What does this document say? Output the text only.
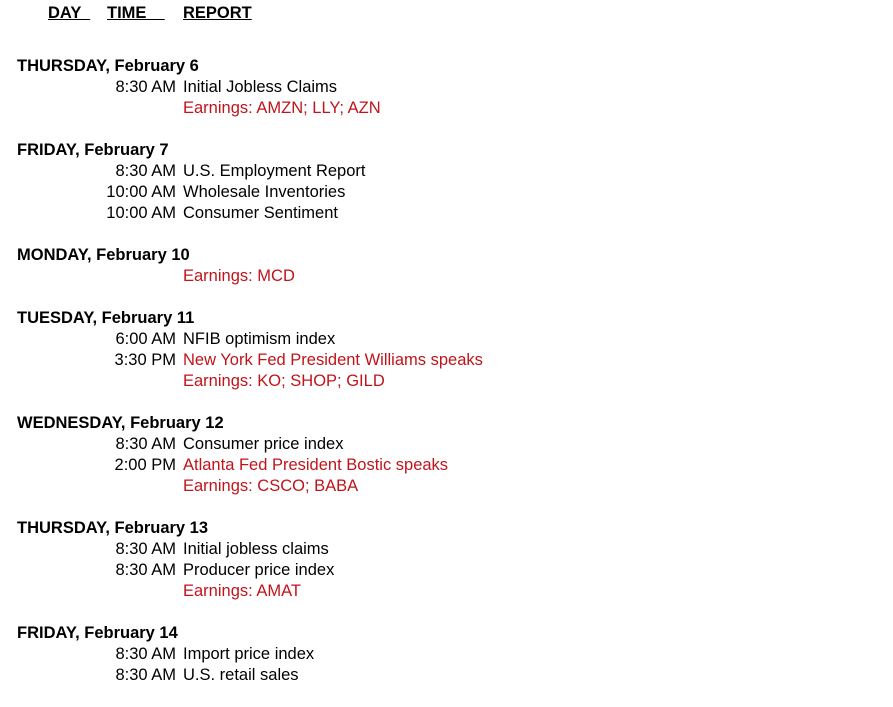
DAY TIME REPORT
THURSDAY, February 6
8:30 AM Initial Jobless Claims
Earnings: AMZN; LLY; AZN
FRIDAY, February 7
8:30 AM U.S. Employment Report
10:00 AM Wholesale Inventories
10:00 AM Consumer Sentiment
MONDAY, February 10
Earnings: MCD
TUESDAY, February 11
6:00 AM NFIB optimism index
3:30 PM New York Fed President Williams speaks
Earnings: KO; SHOP; GILD
WEDNESDAY, February 12
8:30 AM Consumer price index
2:00 PM Atlanta Fed President Bostic speaks
Earnings: CSCO; BABA
THURSDAY, February 13
8:30 AM Initial jobless claims
8:30 AM Producer price index
Earnings: AMAT
FRIDAY, February 14
8:30 AM Import price index
8:30 AM U.S. retail sales
